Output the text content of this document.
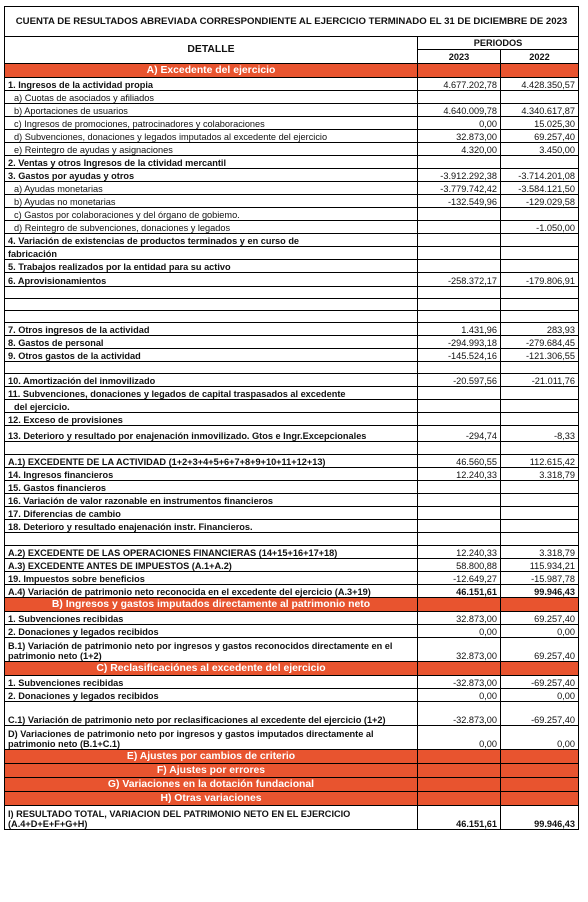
CUENTA DE RESULTADOS ABREVIADA CORRESPONDIENTE AL EJERCICIO TERMINADO EL 31 DE DICIEMBRE DE 2023		
DETALLE	PERIODOS	
	2023	2022
A) Excedente del ejercicio		
1. Ingresos de la actividad propia	4.677.202,78	4.428.350,57
a) Cuotas de asociados y afiliados		
b) Aportaciones de usuarios	4.640.009,78	4.340.617,87
c) Ingresos de promociones, patrocinadores y colaboraciones	0,00	15.025,30
d) Subvenciones, donaciones y legados imputados al excedente del ejercicio	32.873,00	69.257,40
e) Reintegro de ayudas y asignaciones	4.320,00	3.450,00
2. Ventas y otros Ingresos de la ctividad mercantil		
3. Gastos por ayudas y otros	-3.912.292,38	-3.714.201,08
a) Ayudas monetarias	-3.779.742,42	-3.584.121,50
b) Ayudas no monetarias	-132.549,96	-129.029,58
c) Gastos por colaboraciones y del órgano de gobiemo.		
d) Reintegro de subvenciones, donaciones y legados		-1.050,00
4. Variación de existencias de productos terminados y en curso de		
fabricación		
5. Trabajos realizados por la entidad para su activo		
6. Aprovisionamientos	-258.372,17	-179.806,91

7. Otros ingresos de la actividad	1.431,96	283,93
8. Gastos de personal	-294.993,18	-279.684,45
9. Otros gastos de la actividad	-145.524,16	-121.306,55

10. Amortización del inmovilizado	-20.597,56	-21.011,76
11. Subvenciones, donaciones y legados de capital traspasados al excedente		
del ejercicio.		
12. Exceso de provisiones		
13. Deterioro y resultado por enajenación inmovilizado. Gtos e Ingr.Excepcionales	-294,74	-8,33

A.1) EXCEDENTE DE LA ACTIVIDAD (1+2+3+4+5+6+7+8+9+10+11+12+13)	46.560,55	112.615,42
14. Ingresos financieros	12.240,33	3.318,79
15. Gastos financieros		
16. Variación de valor razonable en instrumentos financieros		
17. Diferencias de cambio		
18. Deterioro y resultado enajenación instr. Financieros.		

A.2) EXCEDENTE DE LAS OPERACIONES FINANCIERAS (14+15+16+17+18)	12.240,33	3.318,79
A.3) EXCEDENTE ANTES DE IMPUESTOS (A.1+A.2)	58.800,88	115.934,21
19. Impuestos sobre beneficios	-12.649,27	-15.987,78
A.4) Variación de patrimonio neto reconocida en el excedente del ejercicio (A.3+19)	46.151,61	99.946,43
B) Ingresos y gastos imputados directamente al patrimonio neto		
1. Subvenciones recibidas	32.873,00	69.257,40
2. Donaciones y legados recibidos	0,00	0,00
B.1) Variación de patrimonio neto por ingresos y gastos reconocidos directamente en el patrimonio neto (1+2)	32.873,00	69.257,40
C) Reclasificaciónes al excedente del ejercicio		
1. Subvenciones recibidas	-32.873,00	-69.257,40
2. Donaciones y legados recibidos	0,00	0,00
C.1) Variación de patrimonio neto por reclasificaciones al excedente del ejercicio (1+2)	-32.873,00	-69.257,40
D) Variaciones de patrimonio neto por ingresos y gastos imputados directamente al patrimonio neto (B.1+C.1)	0,00	0,00
E) Ajustes por cambios de criterio		
F) Ajustes por errores		
G) Variaciones en la dotación fundacional		
H) Otras variaciones		
I) RESULTADO TOTAL, VARIACION DEL PATRIMONIO NETO EN EL EJERCICIO (A.4+D+E+F+G+H)	46.151,61	99.946,43
